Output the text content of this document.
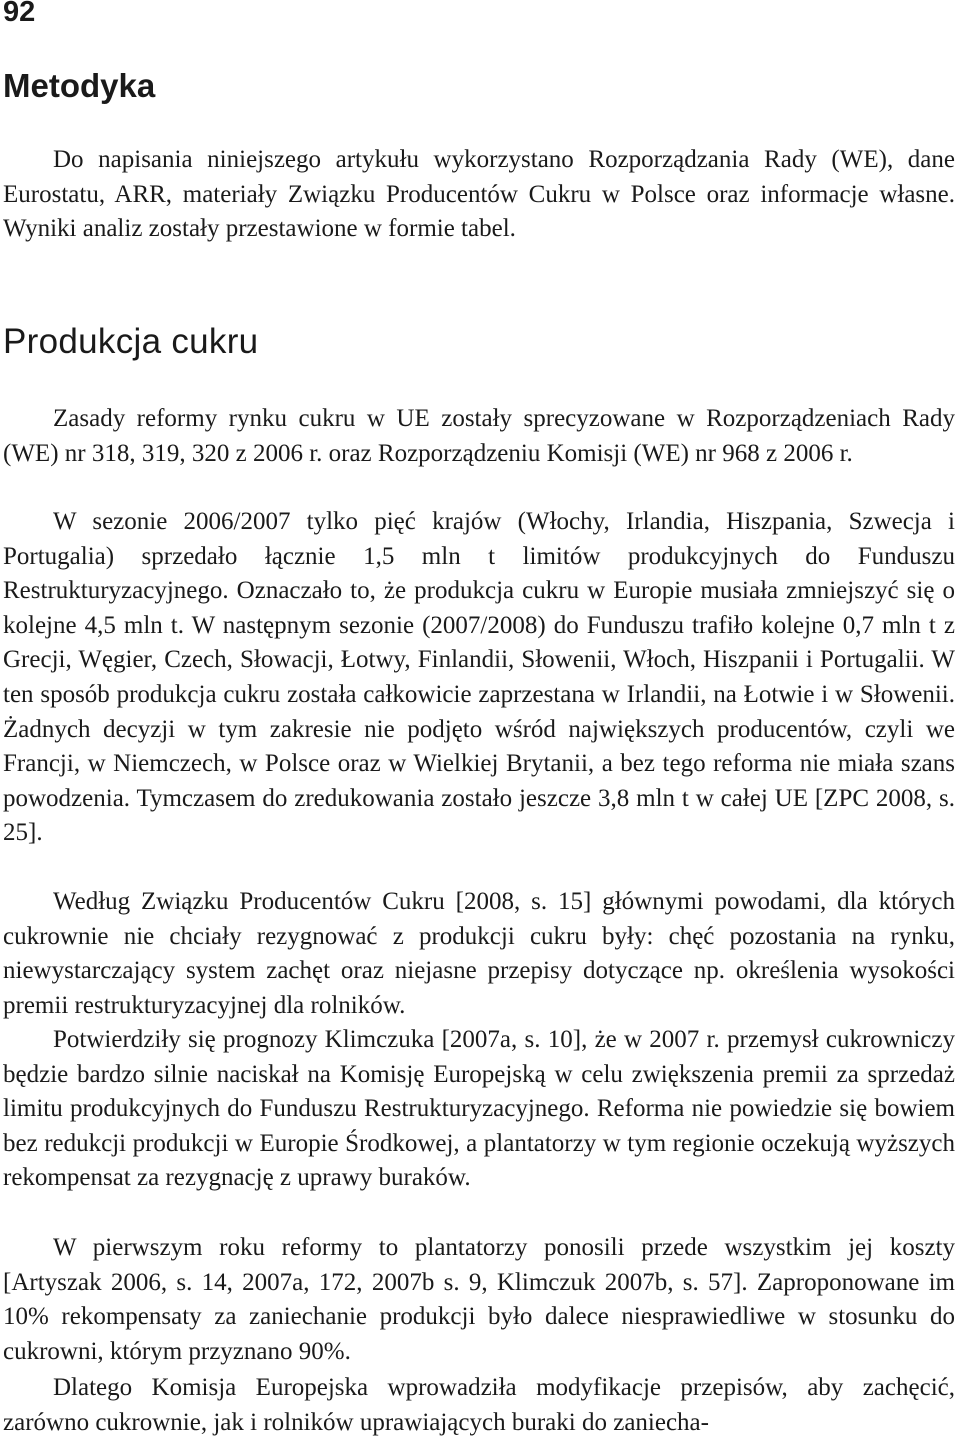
92
Metodyka

Do napisania niniejszego artykułu wykorzystano Rozporządzania Rady (WE), dane Eurostatu, ARR, materiały Związku Producentów Cukru w Polsce oraz informacje własne. Wyniki analiz zostały przestawione w formie tabel.

Produkcja cukru

Zasady reformy rynku cukru w UE zostały sprecyzowane w Rozporządzeniach Rady (WE) nr 318, 319, 320 z 2006 r. oraz Rozporządzeniu Komisji (WE) nr 968 z 2006 r.

W sezonie 2006/2007 tylko pięć krajów (Włochy, Irlandia, Hiszpania, Szwecja i Portugalia) sprzedało łącznie 1,5 mln t limitów produkcyjnych do Funduszu Restrukturyzacyjnego. Oznaczało to, że produkcja cukru w Europie musiała zmniejszyć się o kolejne 4,5 mln t. W następnym sezonie (2007/2008) do Funduszu trafiło kolejne 0,7 mln t z Grecji, Węgier, Czech, Słowacji, Łotwy, Finlandii, Słowenii, Włoch, Hiszpanii i Portugalii. W ten sposób produkcja cukru została całkowicie zaprzestana w Irlandii, na Łotwie i w Słowenii. Żadnych decyzji w tym zakresie nie podjęto wśród największych producentów, czyli we Francji, w Niemczech, w Polsce oraz w Wielkiej Brytanii, a bez tego reforma nie miała szans powodzenia. Tymczasem do zredukowania zostało jeszcze 3,8 mln t w całej UE [ZPC 2008, s. 25].

Według Związku Producentów Cukru [2008, s. 15] głównymi powodami, dla których cukrownie nie chciały rezygnować z produkcji cukru były: chęć pozostania na rynku, niewystarczający system zachęt oraz niejasne przepisy dotyczące np. określenia wysokości premii restrukturyzacyjnej dla rolników.

Potwierdziły się prognozy Klimczuka [2007a, s. 10], że w 2007 r. przemysł cukrowniczy będzie bardzo silnie naciskał na Komisję Europejską w celu zwiększenia premii za sprzedaż limitu produkcyjnych do Funduszu Restrukturyzacyjnego. Reforma nie powiedzie się bowiem bez redukcji produkcji w Europie Środkowej, a plantatorzy w tym regionie oczekują wyższych rekompensat za rezygnację z uprawy buraków.

W pierwszym roku reformy to plantatorzy ponosili przede wszystkim jej koszty [Artyszak 2006, s. 14, 2007a, 172, 2007b s. 9, Klimczuk 2007b, s. 57]. Zaproponowane im 10% rekompensaty za zaniechanie produkcji było dalece niesprawiedliwe w stosunku do cukrowni, którym przyznano 90%.

Dlatego Komisja Europejska wprowadziła modyfikacje przepisów, aby zachęcić, zarówno cukrownie, jak i rolników uprawiających buraki do zaniecha-
